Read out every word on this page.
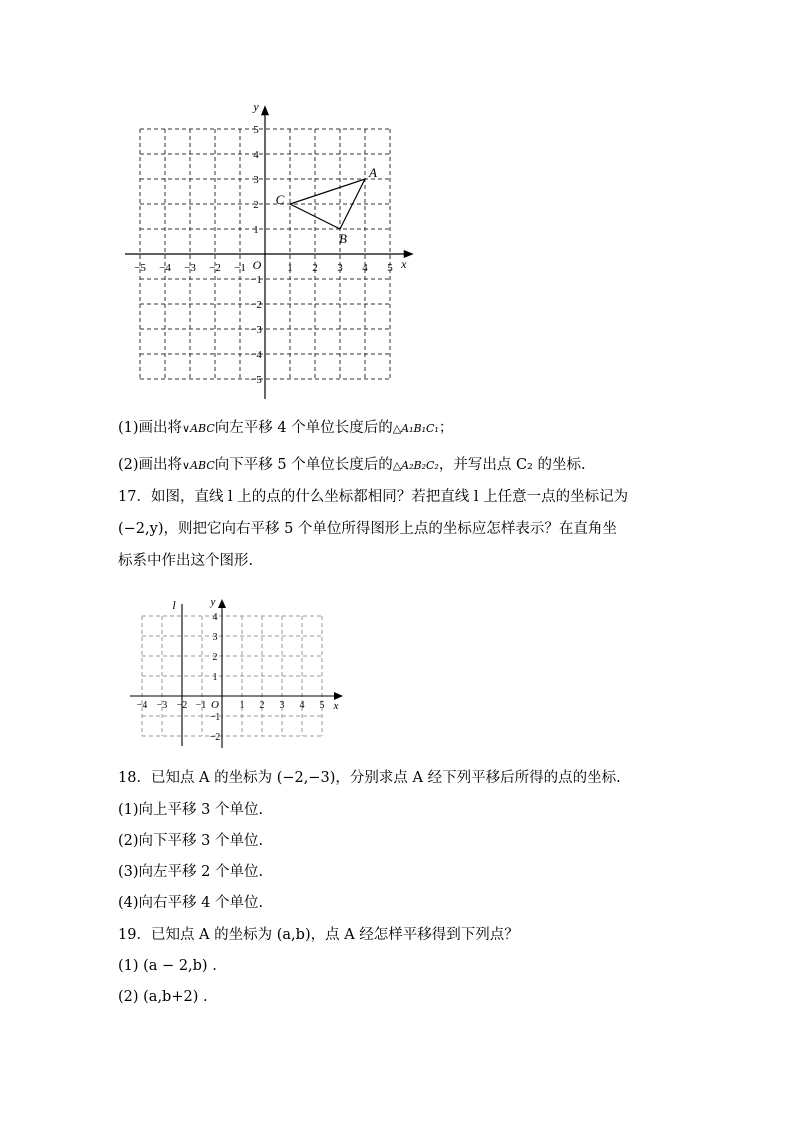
x
y
O
−5 −4 −3 −2 −1	1 2 3 4 5
5
4
3
2
1
−1
−2
−3
−4
−5
A
B
C
(1)画出将∨ABC向左平移 4 个单位长度后的△A₁B₁C₁；
(2)画出将∨ABC向下平移 5 个单位长度后的△A₂B₂C₂，并写出点 C₂ 的坐标.
17．如图，直线 l 上的点的什么坐标都相同？若把直线 l 上任意一点的坐标记为
(−2,y)，则把它向右平移 5 个单位所得图形上点的坐标应怎样表示？在直角坐
标系中作出这个图形.
x
y
l
O
−4 −3 −2 −1	1 2 3 4 5
4
3
2
1
−1
−2
18．已知点 A 的坐标为 (−2,−3)，分别求点 A 经下列平移后所得的点的坐标.
(1)向上平移 3 个单位.
(2)向下平移 3 个单位.
(3)向左平移 2 个单位.
(4)向右平移 4 个单位.
19．已知点 A 的坐标为 (a,b)，点 A 经怎样平移得到下列点？
(1) (a − 2,b) .
(2) (a,b+2) .
